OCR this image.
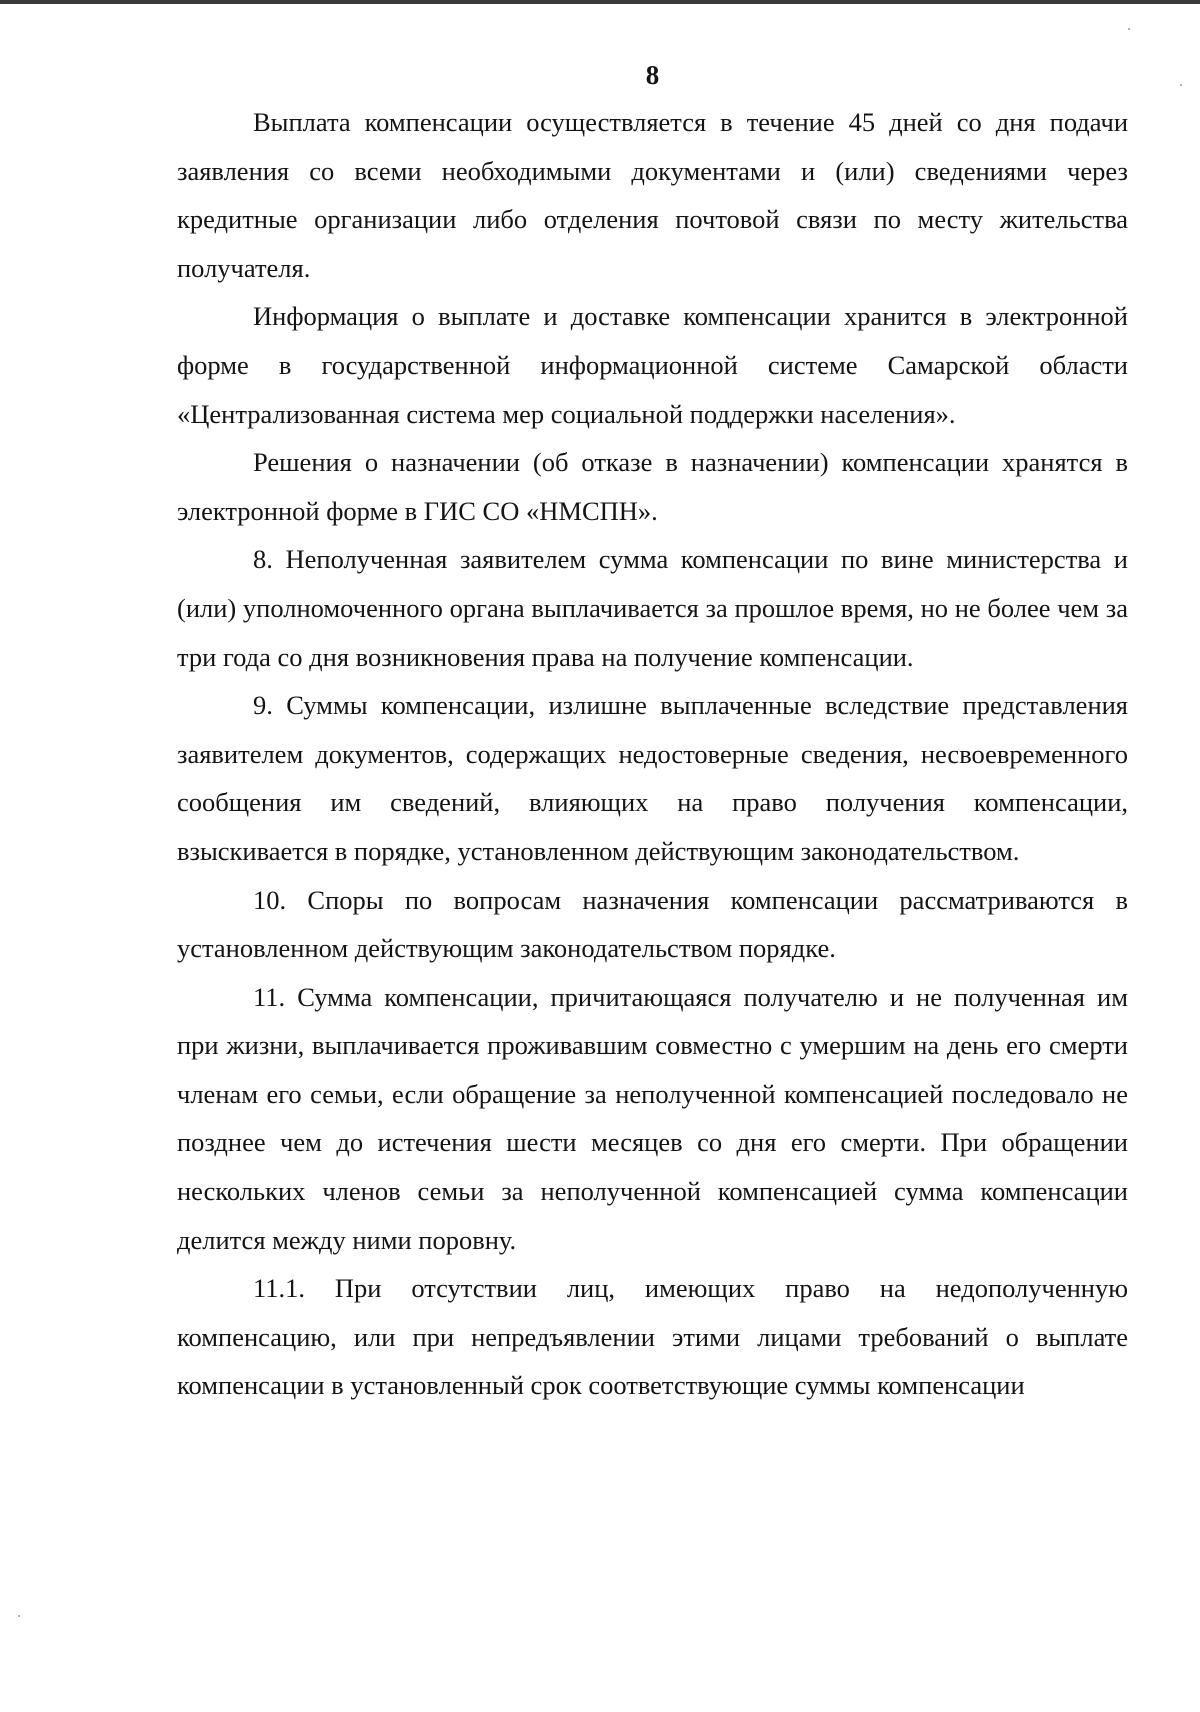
8

Выплата компенсации осуществляется в течение 45 дней со дня подачи заявления со всеми необходимыми документами и (или) сведениями через кредитные организации либо отделения почтовой связи по месту жительства получателя.

Информация о выплате и доставке компенсации хранится в электронной форме в государственной информационной системе Самарской области «Централизованная система мер социальной поддержки населения».

Решения о назначении (об отказе в назначении) компенсации хранятся в электронной форме в ГИС СО «НМСПН».

8. Неполученная заявителем сумма компенсации по вине министерства и (или) уполномоченного органа выплачивается за прошлое время, но не более чем за три года со дня возникновения права на получение компенсации.

9. Суммы компенсации, излишне выплаченные вследствие представления заявителем документов, содержащих недостоверные сведения, несвоевременного сообщения им сведений, влияющих на право получения компенсации, взыскивается в порядке, установленном действующим законодательством.

10. Споры по вопросам назначения компенсации рассматриваются в установленном действующим законодательством порядке.

11. Сумма компенсации, причитающаяся получателю и не полученная им при жизни, выплачивается проживавшим совместно с умершим на день его смерти членам его семьи, если обращение за неполученной компенсацией последовало не позднее чем до истечения шести месяцев со дня его смерти. При обращении нескольких членов семьи за неполученной компенсацией сумма компенсации делится между ними поровну.

11.1. При отсутствии лиц, имеющих право на недополученную компенсацию, или при непредъявлении этими лицами требований о выплате компенсации в установленный срок соответствующие суммы компенсации
